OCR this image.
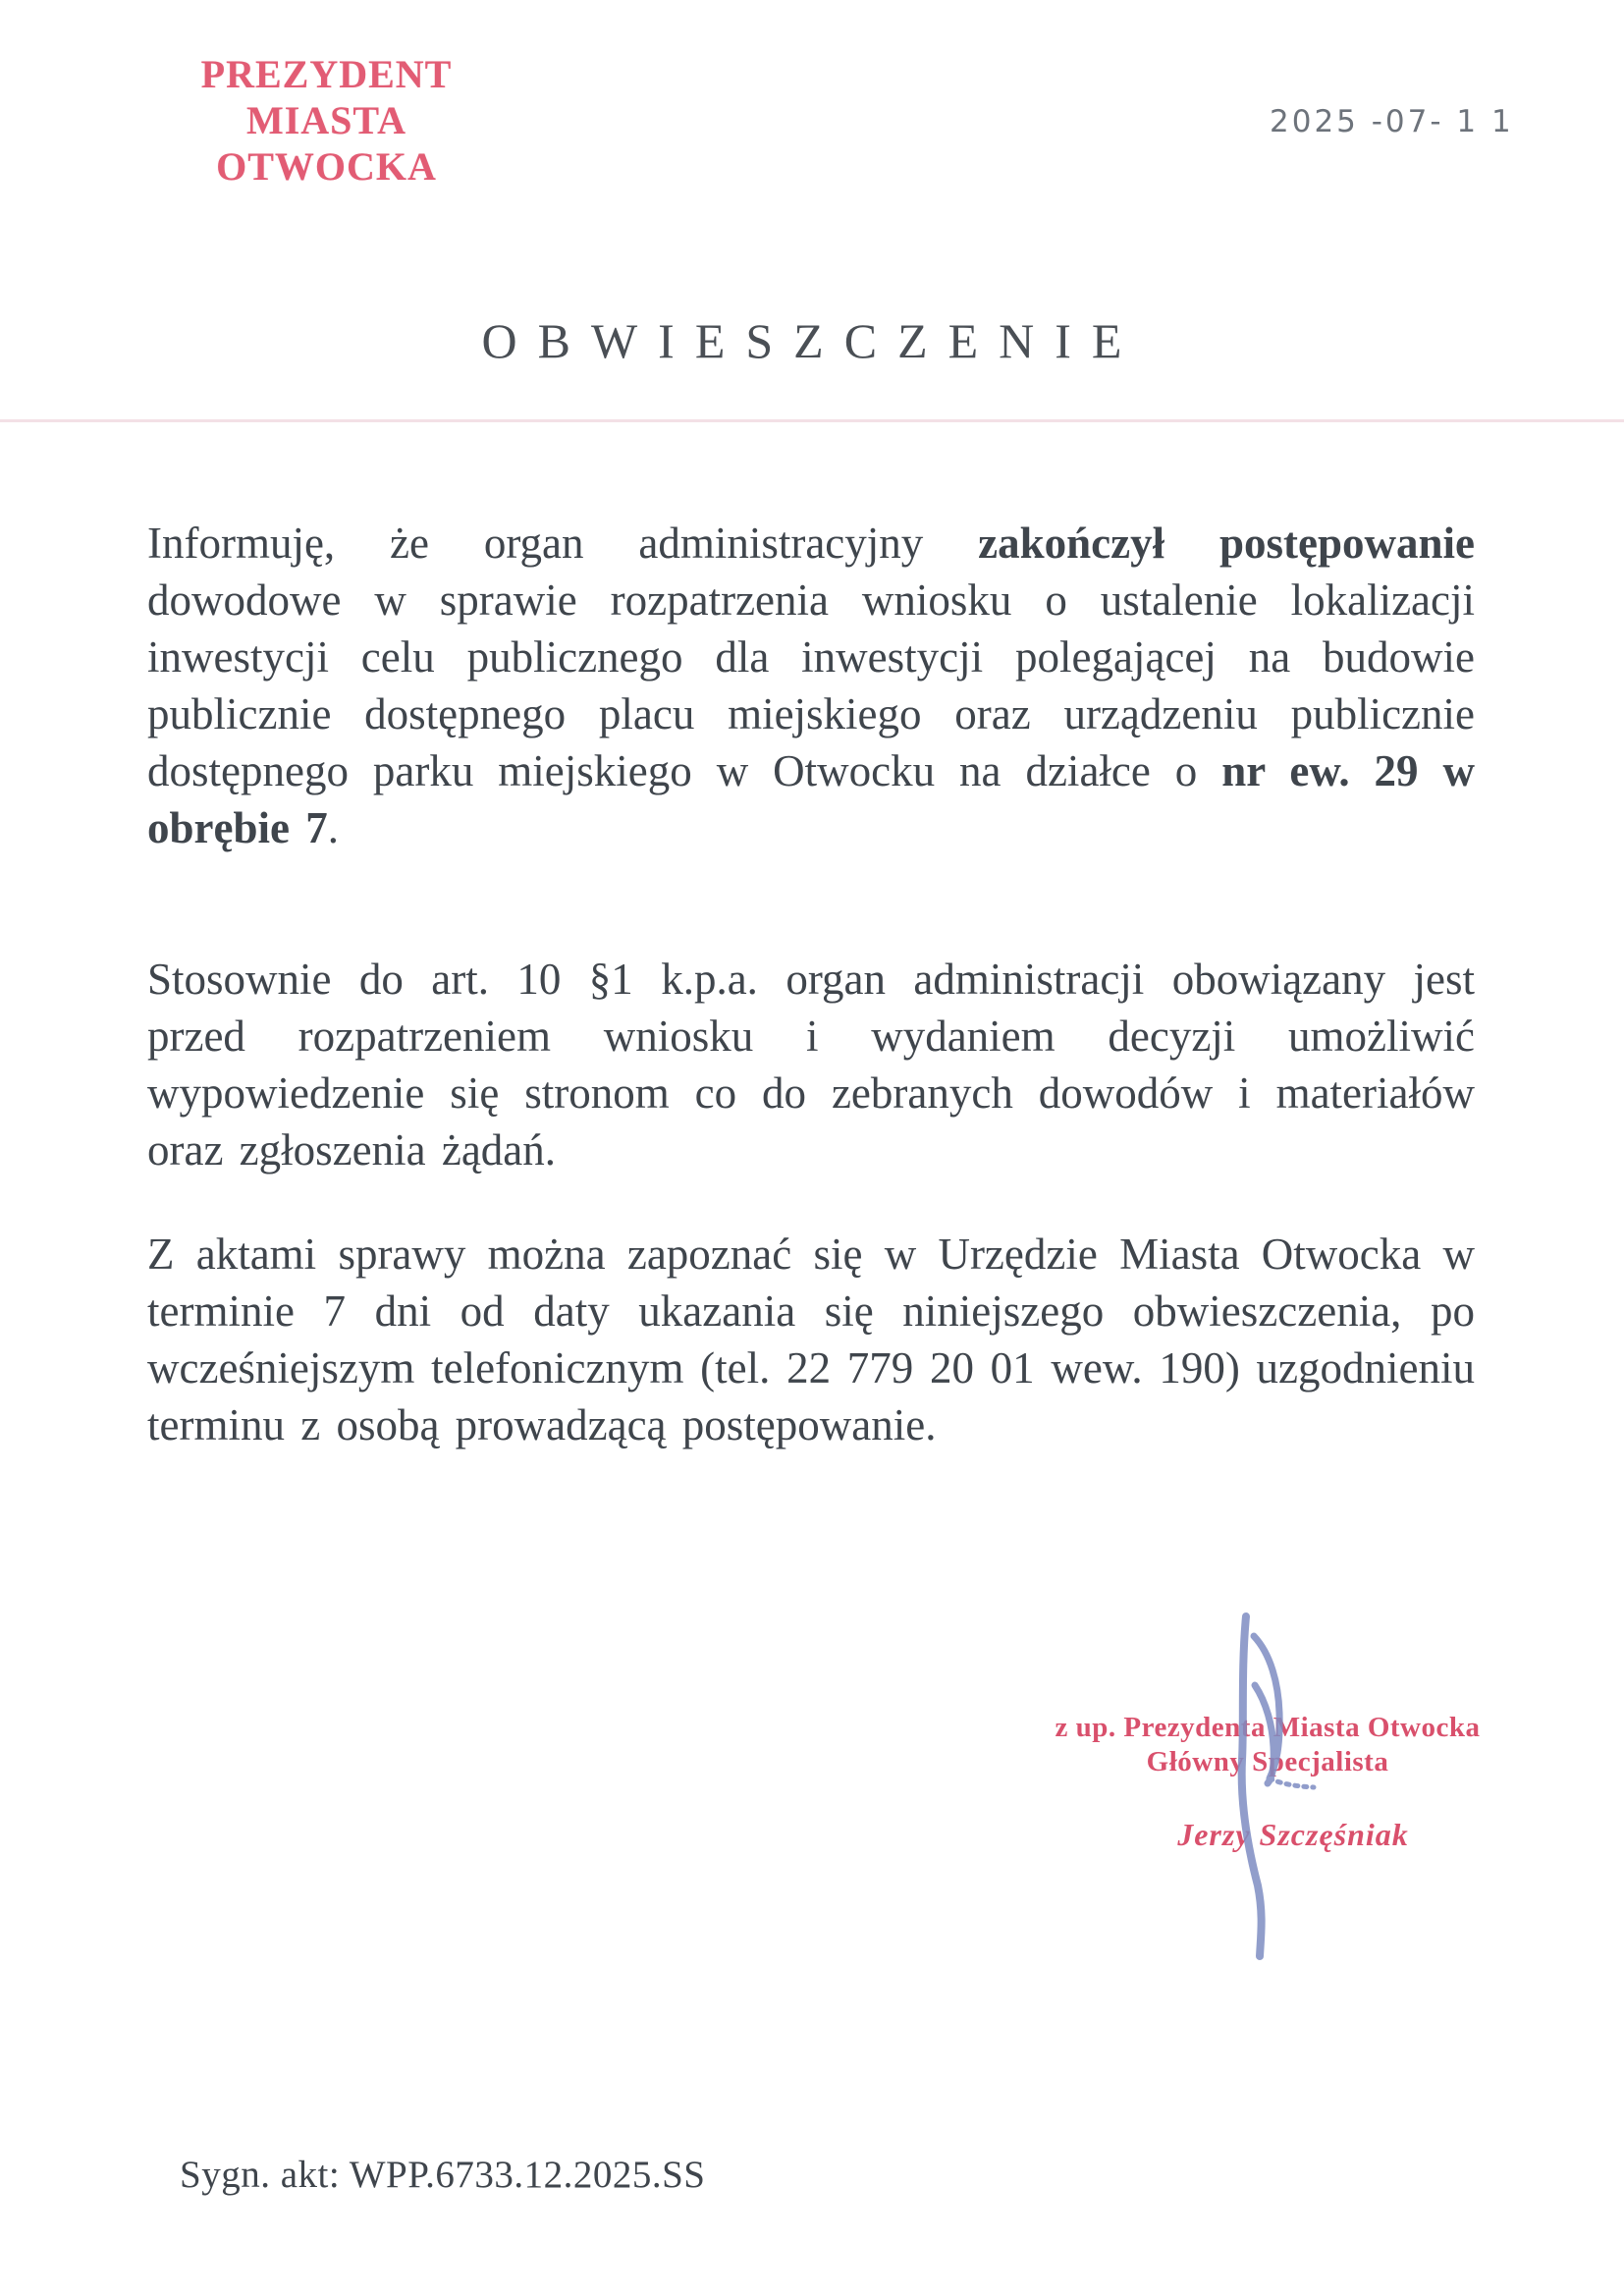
PREZYDENT
MIASTA OTWOCKA
2025 -07- 1 1
OBWIESZCZENIE

Informuję, że organ administracyjny zakończył postępowanie dowodowe w sprawie rozpatrzenia wniosku o ustalenie lokalizacji inwestycji celu publicznego dla inwestycji polegającej na budowie publicznie dostępnego placu miejskiego oraz urządzeniu publicznie dostępnego parku miejskiego w Otwocku na działce o nr ew. 29 w obrębie 7.

Stosownie do art. 10 §1 k.p.a. organ administracji obowiązany jest przed rozpatrzeniem wniosku i wydaniem decyzji umożliwić wypowiedzenie się stronom co do zebranych dowodów i materiałów oraz zgłoszenia żądań.

Z aktami sprawy można zapoznać się w Urzędzie Miasta Otwocka w terminie 7 dni od daty ukazania się niniejszego obwieszczenia, po wcześniejszym telefonicznym (tel. 22 779 20 01 wew. 190) uzgodnieniu terminu z osobą prowadzącą postępowanie.

z up. Prezydenta Miasta Otwocka
Główny Specjalista
Jerzy Szczęśniak
Sygn. akt: WPP.6733.12.2025.SS
